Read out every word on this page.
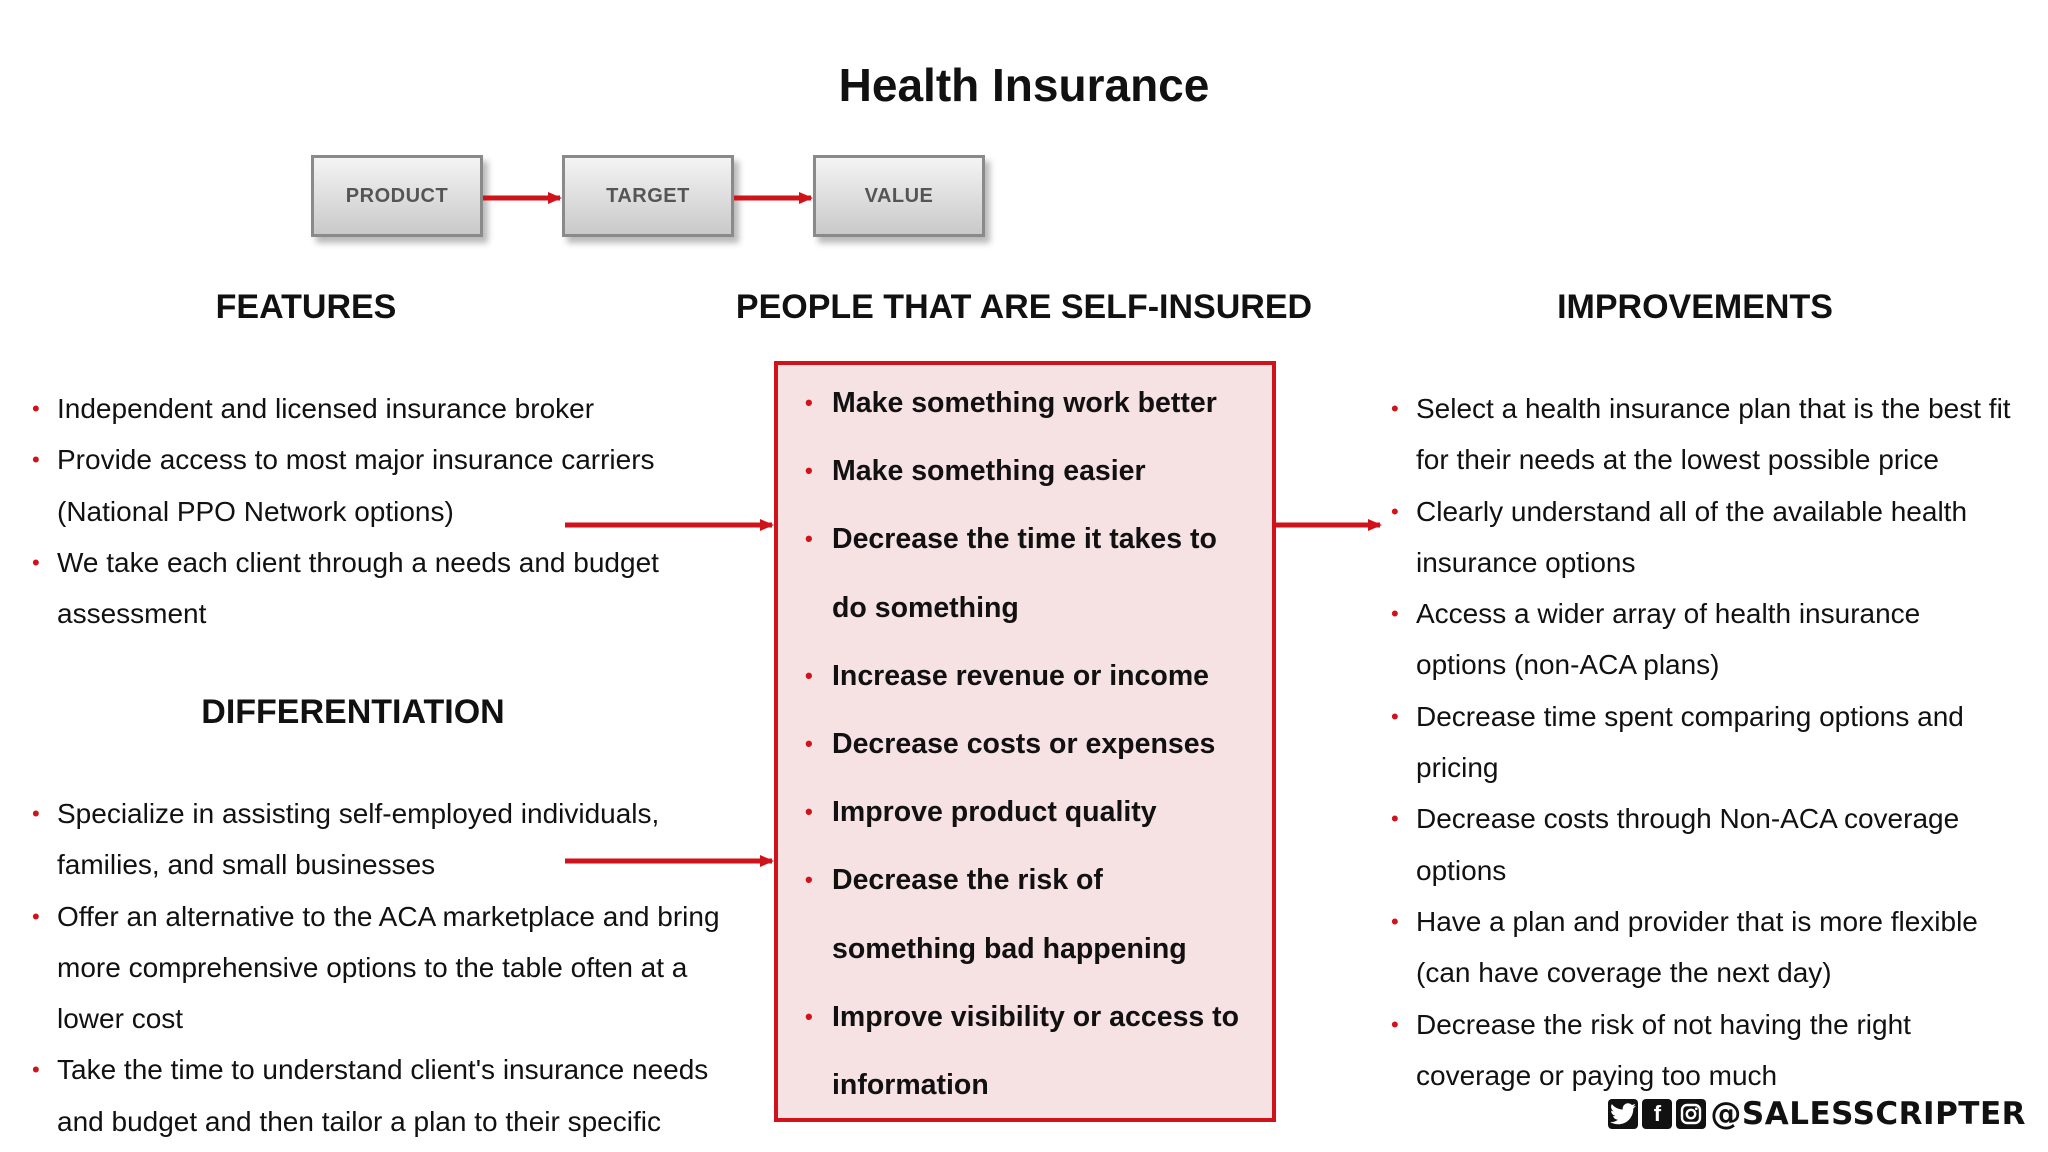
Health Insurance
PRODUCT	TARGET	VALUE
FEATURES	PEOPLE THAT ARE SELF-INSURED	IMPROVEMENTS
DIFFERENTIATION
• Independent and licensed insurance broker
• Provide access to most major insurance carriers
(National PPO Network options)
• We take each client through a needs and budget
assessment
• Specialize in assisting self-employed individuals,
families, and small businesses
• Offer an alternative to the ACA marketplace and bring
more comprehensive options to the table often at a
lower cost
• Take the time to understand client's insurance needs
and budget and then tailor a plan to their specific
• Make something work better
• Make something easier
• Decrease the time it takes to
do something
• Increase revenue or income
• Decrease costs or expenses
• Improve product quality
• Decrease the risk of
something bad happening
• Improve visibility or access to
information
• Select a health insurance plan that is the best fit
for their needs at the lowest possible price
• Clearly understand all of the available health
insurance options
• Access a wider array of health insurance
options (non-ACA plans)
• Decrease time spent comparing options and
pricing
• Decrease costs through Non-ACA coverage
options
• Have a plan and provider that is more flexible
(can have coverage the next day)
• Decrease the risk of not having the right
coverage or paying too much
f	@SALESSCRIPTER
